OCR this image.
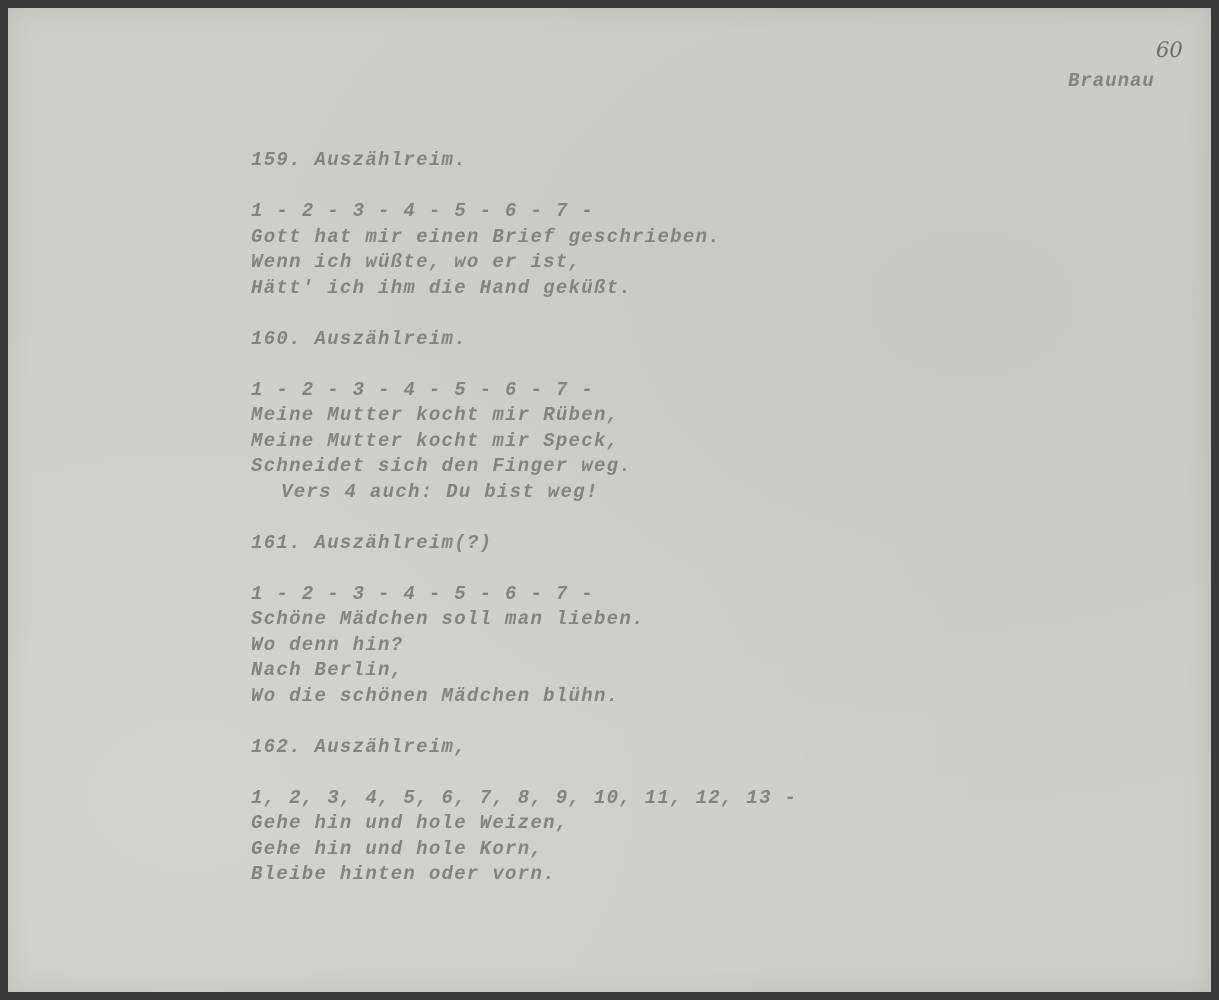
60
Braunau
159. Auszählreim.
1 - 2 - 3 - 4 - 5 - 6 - 7 -
Gott hat mir einen Brief geschrieben.
Wenn ich wüßte, wo er ist,
Hätt' ich ihm die Hand geküßt.
160. Auszählreim.
1 - 2 - 3 - 4 - 5 - 6 - 7 -
Meine Mutter kocht mir Rüben,
Meine Mutter kocht mir Speck,
Schneidet sich den Finger weg.
Vers 4 auch: Du bist weg!
161. Auszählreim(?)
1 - 2 - 3 - 4 - 5 - 6 - 7 -
Schöne Mädchen soll man lieben.
Wo denn hin?
Nach Berlin,
Wo die schönen Mädchen blühn.
162. Auszählreim,
1, 2, 3, 4, 5, 6, 7, 8, 9, 10, 11, 12, 13 -
Gehe hin und hole Weizen,
Gehe hin und hole Korn,
Bleibe hinten oder vorn.
